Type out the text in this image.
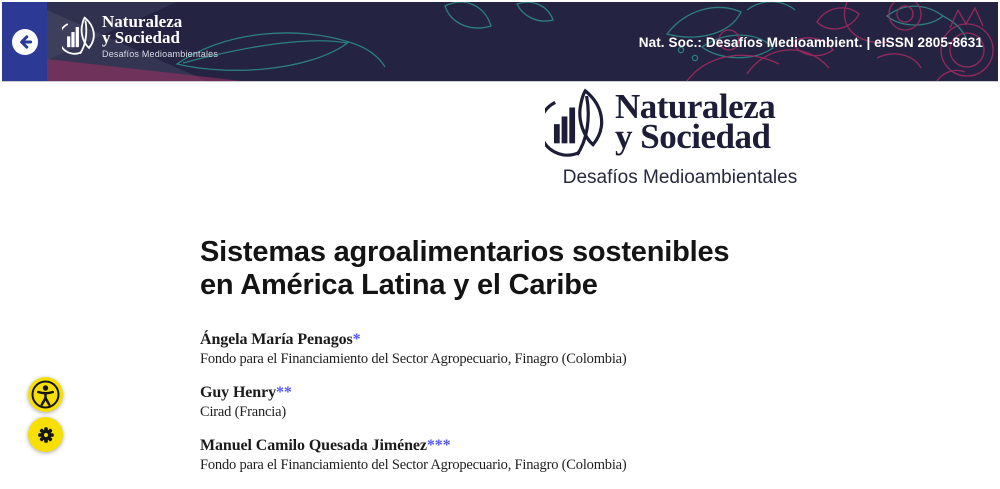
Naturaleza
y Sociedad
Desafíos Medioambientales
Nat. Soc.: Desafíos Medioambient. | eISSN 2805-8631
Naturaleza
y Sociedad
Desafíos Medioambientales
Sistemas agroalimentarios sostenibles
en América Latina y el Caribe
Ángela María Penagos*
Fondo para el Financiamiento del Sector Agropecuario, Finagro (Colombia)
Guy Henry**
Cirad (Francia)
Manuel Camilo Quesada Jiménez***
Fondo para el Financiamiento del Sector Agropecuario, Finagro (Colombia)
